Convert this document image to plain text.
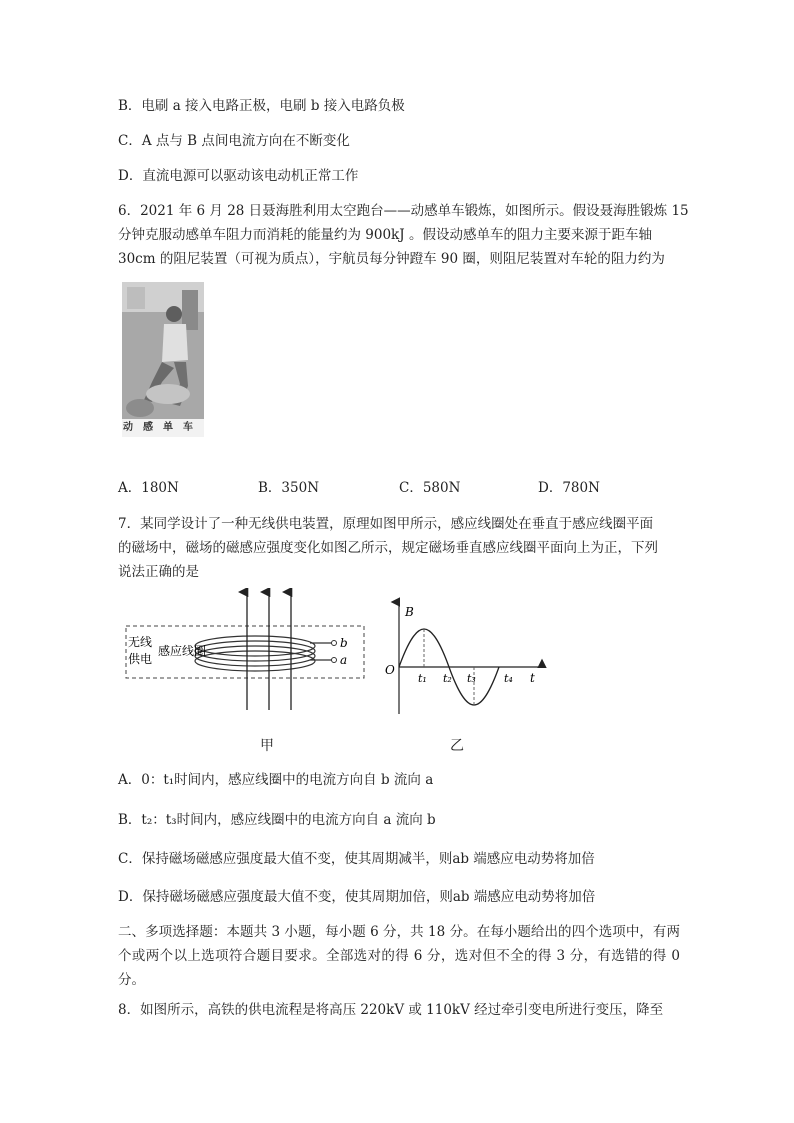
B．电刷 a 接入电路正极，电刷 b 接入电路负极
C．A 点与 B 点间电流方向在不断变化
D．直流电源可以驱动该电动机正常工作
6．2021 年 6 月 28 日聂海胜利用太空跑台——动感单车锻炼，如图所示。假设聂海胜锻炼 15
分钟克服动感单车阻力而消耗的能量约为 900kJ 。假设动感单车的阻力主要来源于距车轴
30cm 的阻尼装置（可视为质点），宇航员每分钟蹬车 90 圈，则阻尼装置对车轮的阻力约为
动感单车
A．180N	B．350N	C．580N	D．780N
7．某同学设计了一种无线供电装置，原理如图甲所示，感应线圈处在垂直于感应线圈平面
的磁场中，磁场的磁感应强度变化如图乙所示，规定磁场垂直感应线圈平面向上为正，下列
说法正确的是
无线
供电
感应线圈
b
a
甲
B
O
t
t₁ t₂ t₃	t₄
乙
A．0：t₁时间内，感应线圈中的电流方向自 b 流向 a
B．t₂：t₃时间内，感应线圈中的电流方向自 a 流向 b
C．保持磁场磁感应强度最大值不变，使其周期减半，则ab 端感应电动势将加倍
D．保持磁场磁感应强度最大值不变，使其周期加倍，则ab 端感应电动势将加倍
二、多项选择题：本题共 3 小题，每小题 6 分，共 18 分。在每小题给出的四个选项中，有两个或两个以上选项符合题目要求。全部选对的得 6 分，选对但不全的得 3 分，有选错的得 0 分。
8．如图所示，高铁的供电流程是将高压 220kV 或 110kV 经过牵引变电所进行变压，降至
